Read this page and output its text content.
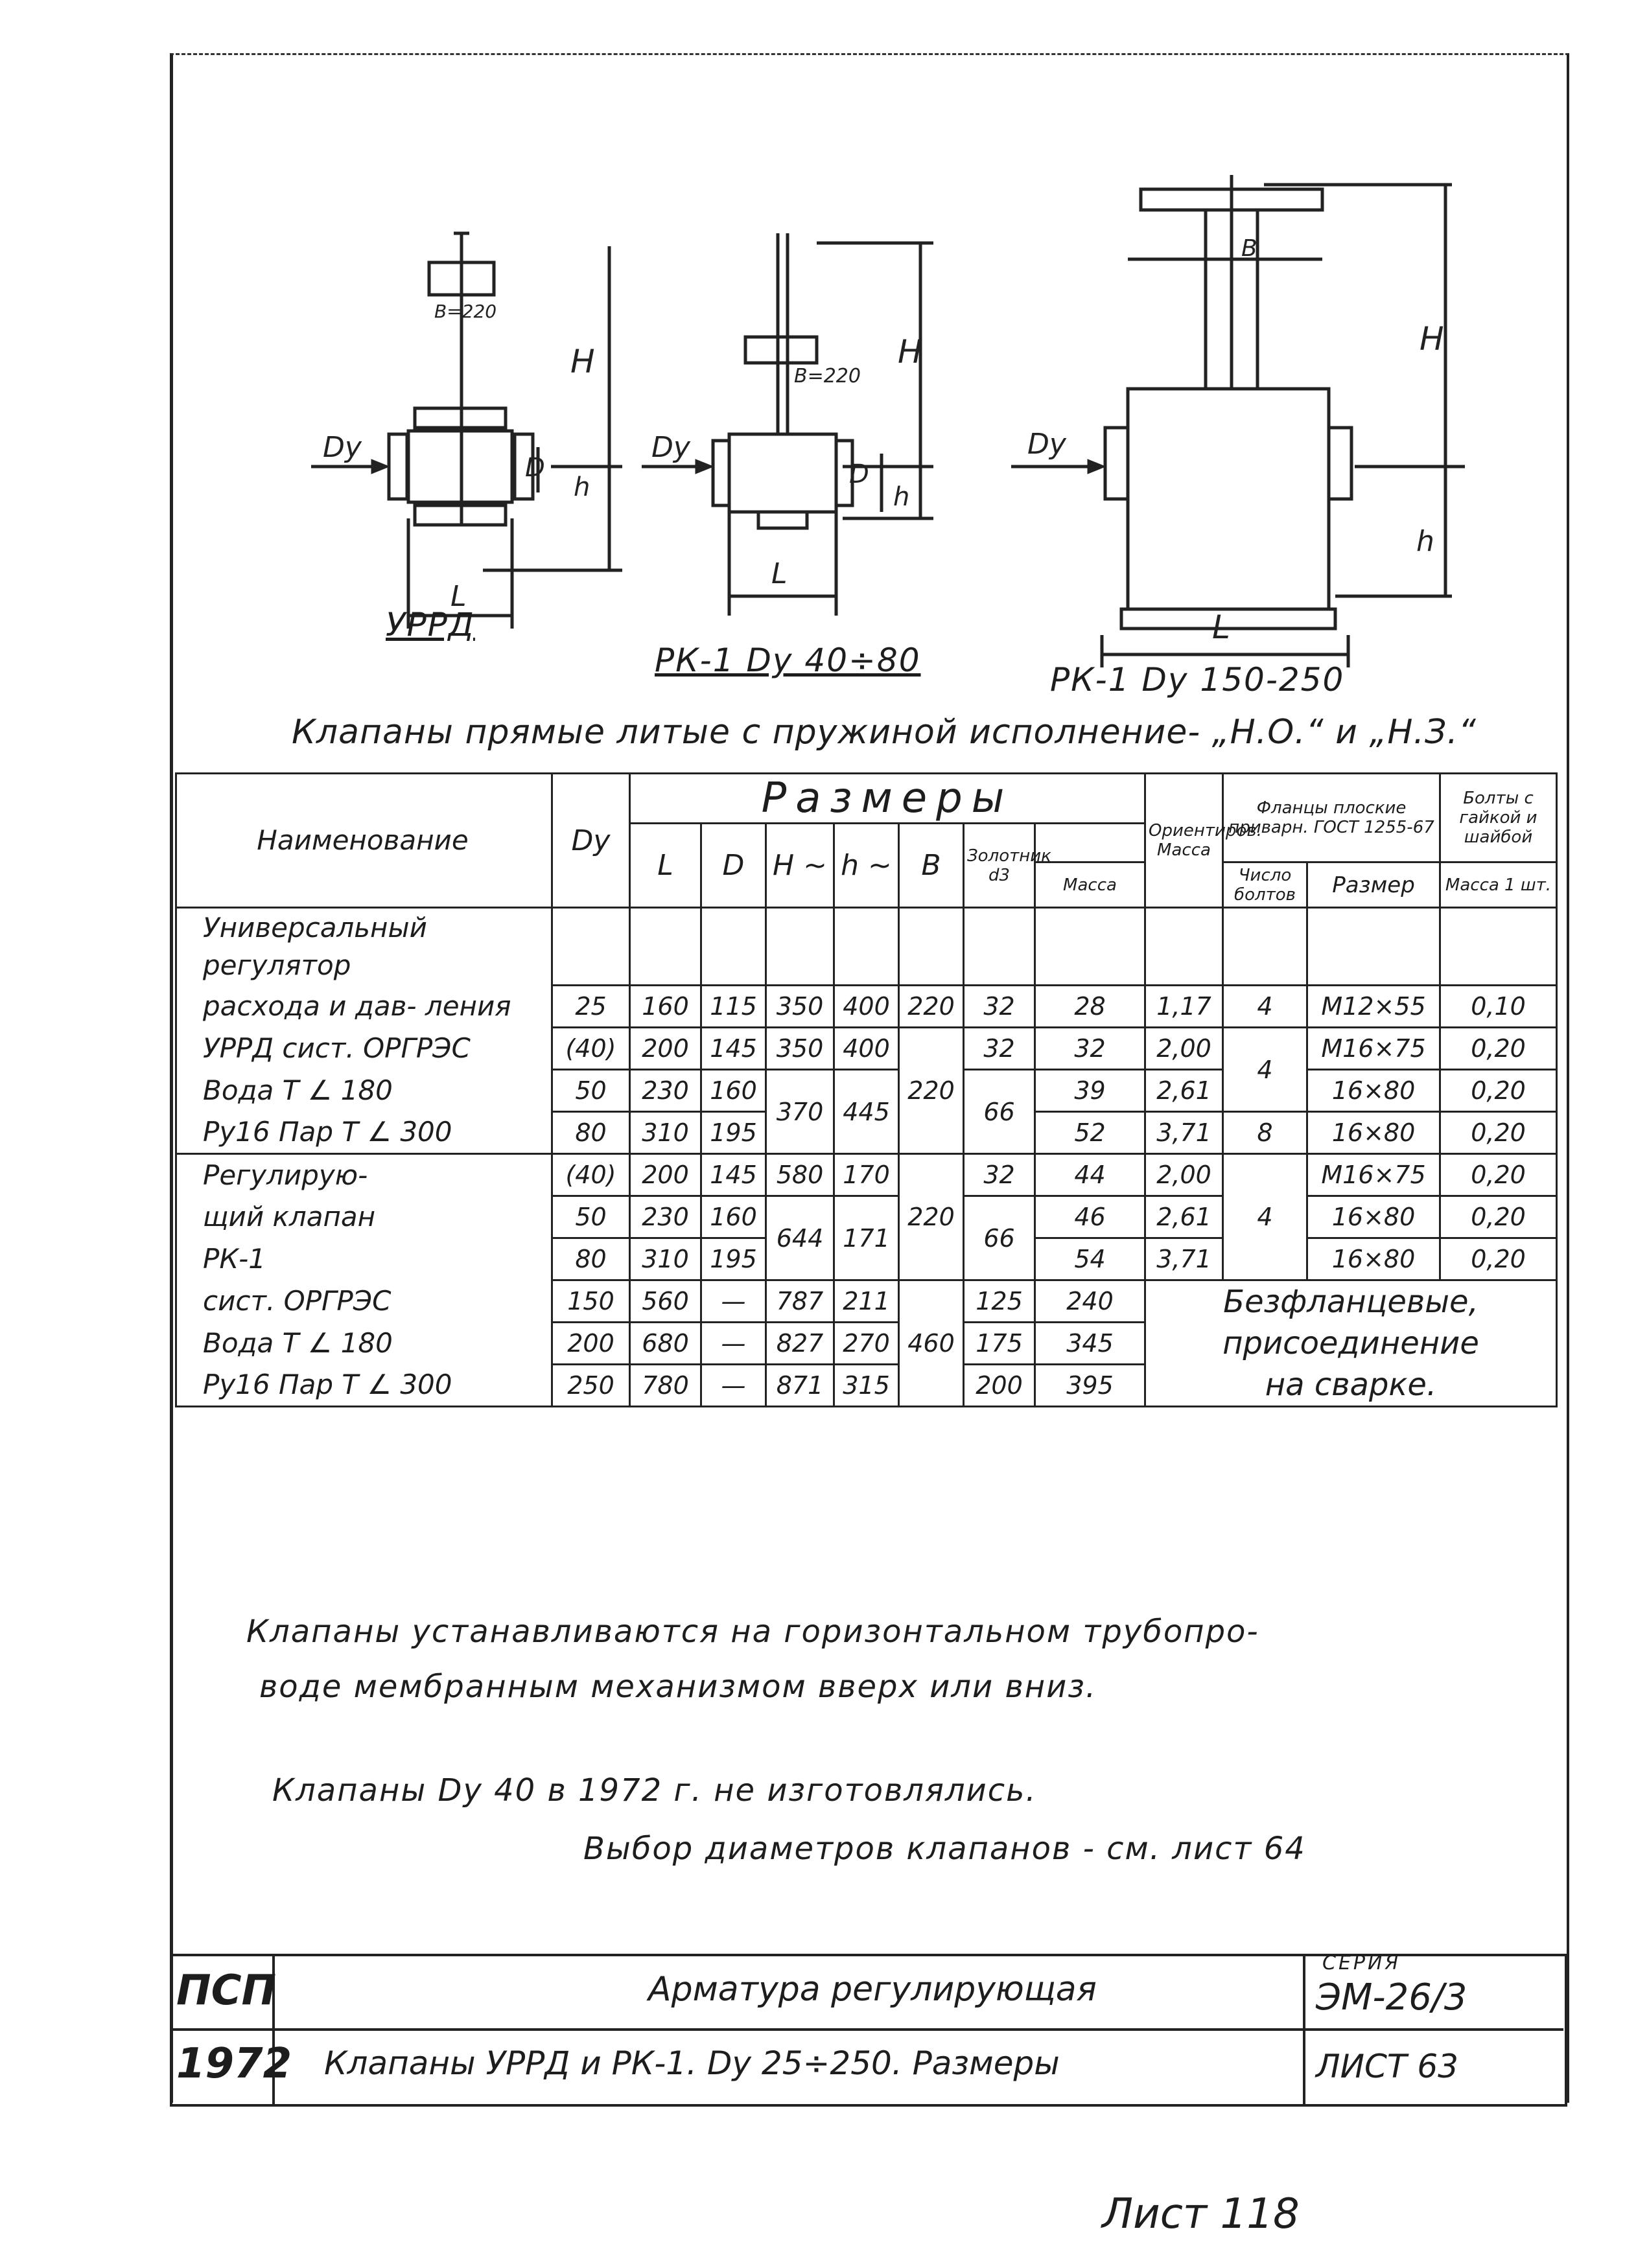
Dу
H
h
D
L
B=220
Dу
H
h
D
L
B=220
Dу
H
h
L
B
УРРД
РК-1 Dу 40÷80
РК-1 Dу 150-250
Клапаны прямые литые с пружиной исполнение- „Н.О.“ и „Н.З.“
Наименование	Dу	Размеры							Ориентиров. Масса	Фланцы плоские приварн. ГОСТ 1255-67		Болты с гайкой и шайбой
		L	D	H ~	h ~	B	Золотник d3					
								Масса		Число болтов	Размер	Масса 1 шт.
Универсальный
регулятор												
расхода и дав- ления	25	160	115	350	400	220	32	28	1,17	4	M12×55	0,10
УРРД сист. ОРГРЭС	(40)	200	145	350	400	220	32	32	2,00	4	M16×75	0,20
Вода Т ∠ 180	50	230	160	370	445		66	39	2,61		16×80	0,20
Рy16 Пар Т ∠ 300	80	310	195					52	3,71	8	16×80	0,20
Регулирую-	(40)	200	145	580	170	220	32	44	2,00	4	M16×75	0,20
щий клапан	50	230	160	644	171		66	46	2,61		16×80	0,20
РК-1	80	310	195					54	3,71		16×80	0,20
сист. ОРГРЭС	150	560	—	787	211	460	125	240	Безфланцевые,
присоединение
на сварке.			
Вода Т ∠ 180	200	680	—	827	270		175	345				
Рy16 Пар Т ∠ 300	250	780	—	871	315		200	395				
Клапаны устанавливаются на горизонтальном трубопро-
воде мембранным механизмом вверх или вниз.
Клапаны Dу 40 в 1972 г. не изготовлялись.
Выбор диаметров клапанов - см. лист 64
ПСП
1972
Арматура регулирующая
Клапаны УРРД и РК-1. Dу 25÷250. Размеры
СЕРИЯ
ЭМ-26/3
ЛИСТ 63
Лист 118
